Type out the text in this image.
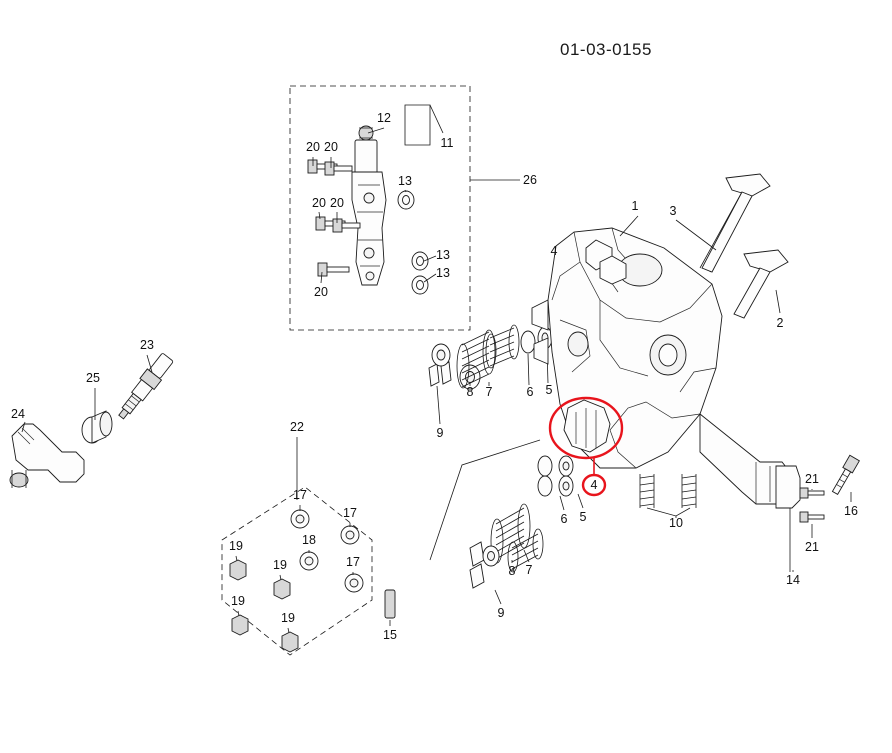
01-03-0155
1
2
3
4
4
5
5
6
6
7
7
8
8
9
9
10
11
12
13
13
13
14
15
16
17
17
17
18
19
19
19
19
20 20
20 20
20
21
21
22
23
24
25
26
